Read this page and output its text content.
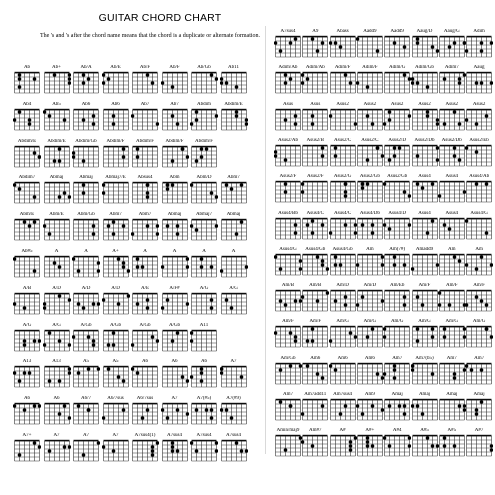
GUITAR CHORD CHART
The 's and 's after the chord name means that the chord is a duplicate or alternate formation.
Ab	Ab+	Ab/A	Ab/E	Ab/F	Ab/F	Ab/Gb	Ab11
Ab4	Ab5	Ab6	Ab6	Ab7	Ab7	Abdim	Abdim/E
Abdim/E	Abdim/E	Abdim/Gb	Abdim/F	Abdim/F	Abdim/F	Abdim/F
Abdim7	Abmaj	Abmaj	Abmaj7/E	Absus4	Abm	Abm/D	Abm7
Abm/E	Abm/E	Abm/Gb	Abm7	Abm7	Abmaj	Abmaj7	Abmaj
Ab#5	A	A	A+	A	A	A	A
A/B	A/D	A/D	A/D	A/E	A/F#	A/G	A/G
A/G	A/G	A/Gb	A/Gb	A/Gb	A/Gb	A11
A13	A13	A5	A5	A6	A6	A6	A7
A6	A6	A6/7	A6/7sus	A6/7sus	A7	A7(#5)	A7(#9)
A7+	A7	A7	A7	A7sus4(1)	A7sus4	A7sus4	A7sus4
A7sus4	A9	Abass	Aadd9	Aadd9	Aaug/D	Aaug/G	Adim
Adim/Ab	Adim/Ab	Adim/F	Adim/F	Adim/G	Adim/Gb	Adim7	Aaug
Asus	Asus	Asus2	Asus2	Asus2	Asus2	Asus2	Asus2
Asus2/Ab	Asus2/B	Asus2/C	Asus2/C	Asus2/D	Asus2/Db	Asus2/Db	Asus2/Eb
Asus2/F	Asus2/F	Asus2/G	Asus2/Gb	Asus2/Gb	Asus4	Asus4	Asus4/Ab
Asus4/Bb	Asus4/C	Asus4/C	Asus4/Db	Asus4/D	Asus4	Asus4	Asus4/G
Asus4/G	Asus4/Gb	Asus4/Gb	Am	Am(7#)	Amadd9	Am	Am
Am/B	Am/B	Am/D	Am/D	Am/Eb	Am/F	Am/F	Am/F
Am/F	Am/F	Am/G	Am/G	Am/G	Am/G	Am/G	Am/G
Am/Gb	Am6	Am6	Am6	Am7	Am7(b5)	Am7	Am7
Am7	Am7add11	Am7sus4	Am9	Amaj	Amaj	Amaj	Amaj
Amin/maj9	Am#7	A#	A#+	A#4	A#5	A#5	A#7
